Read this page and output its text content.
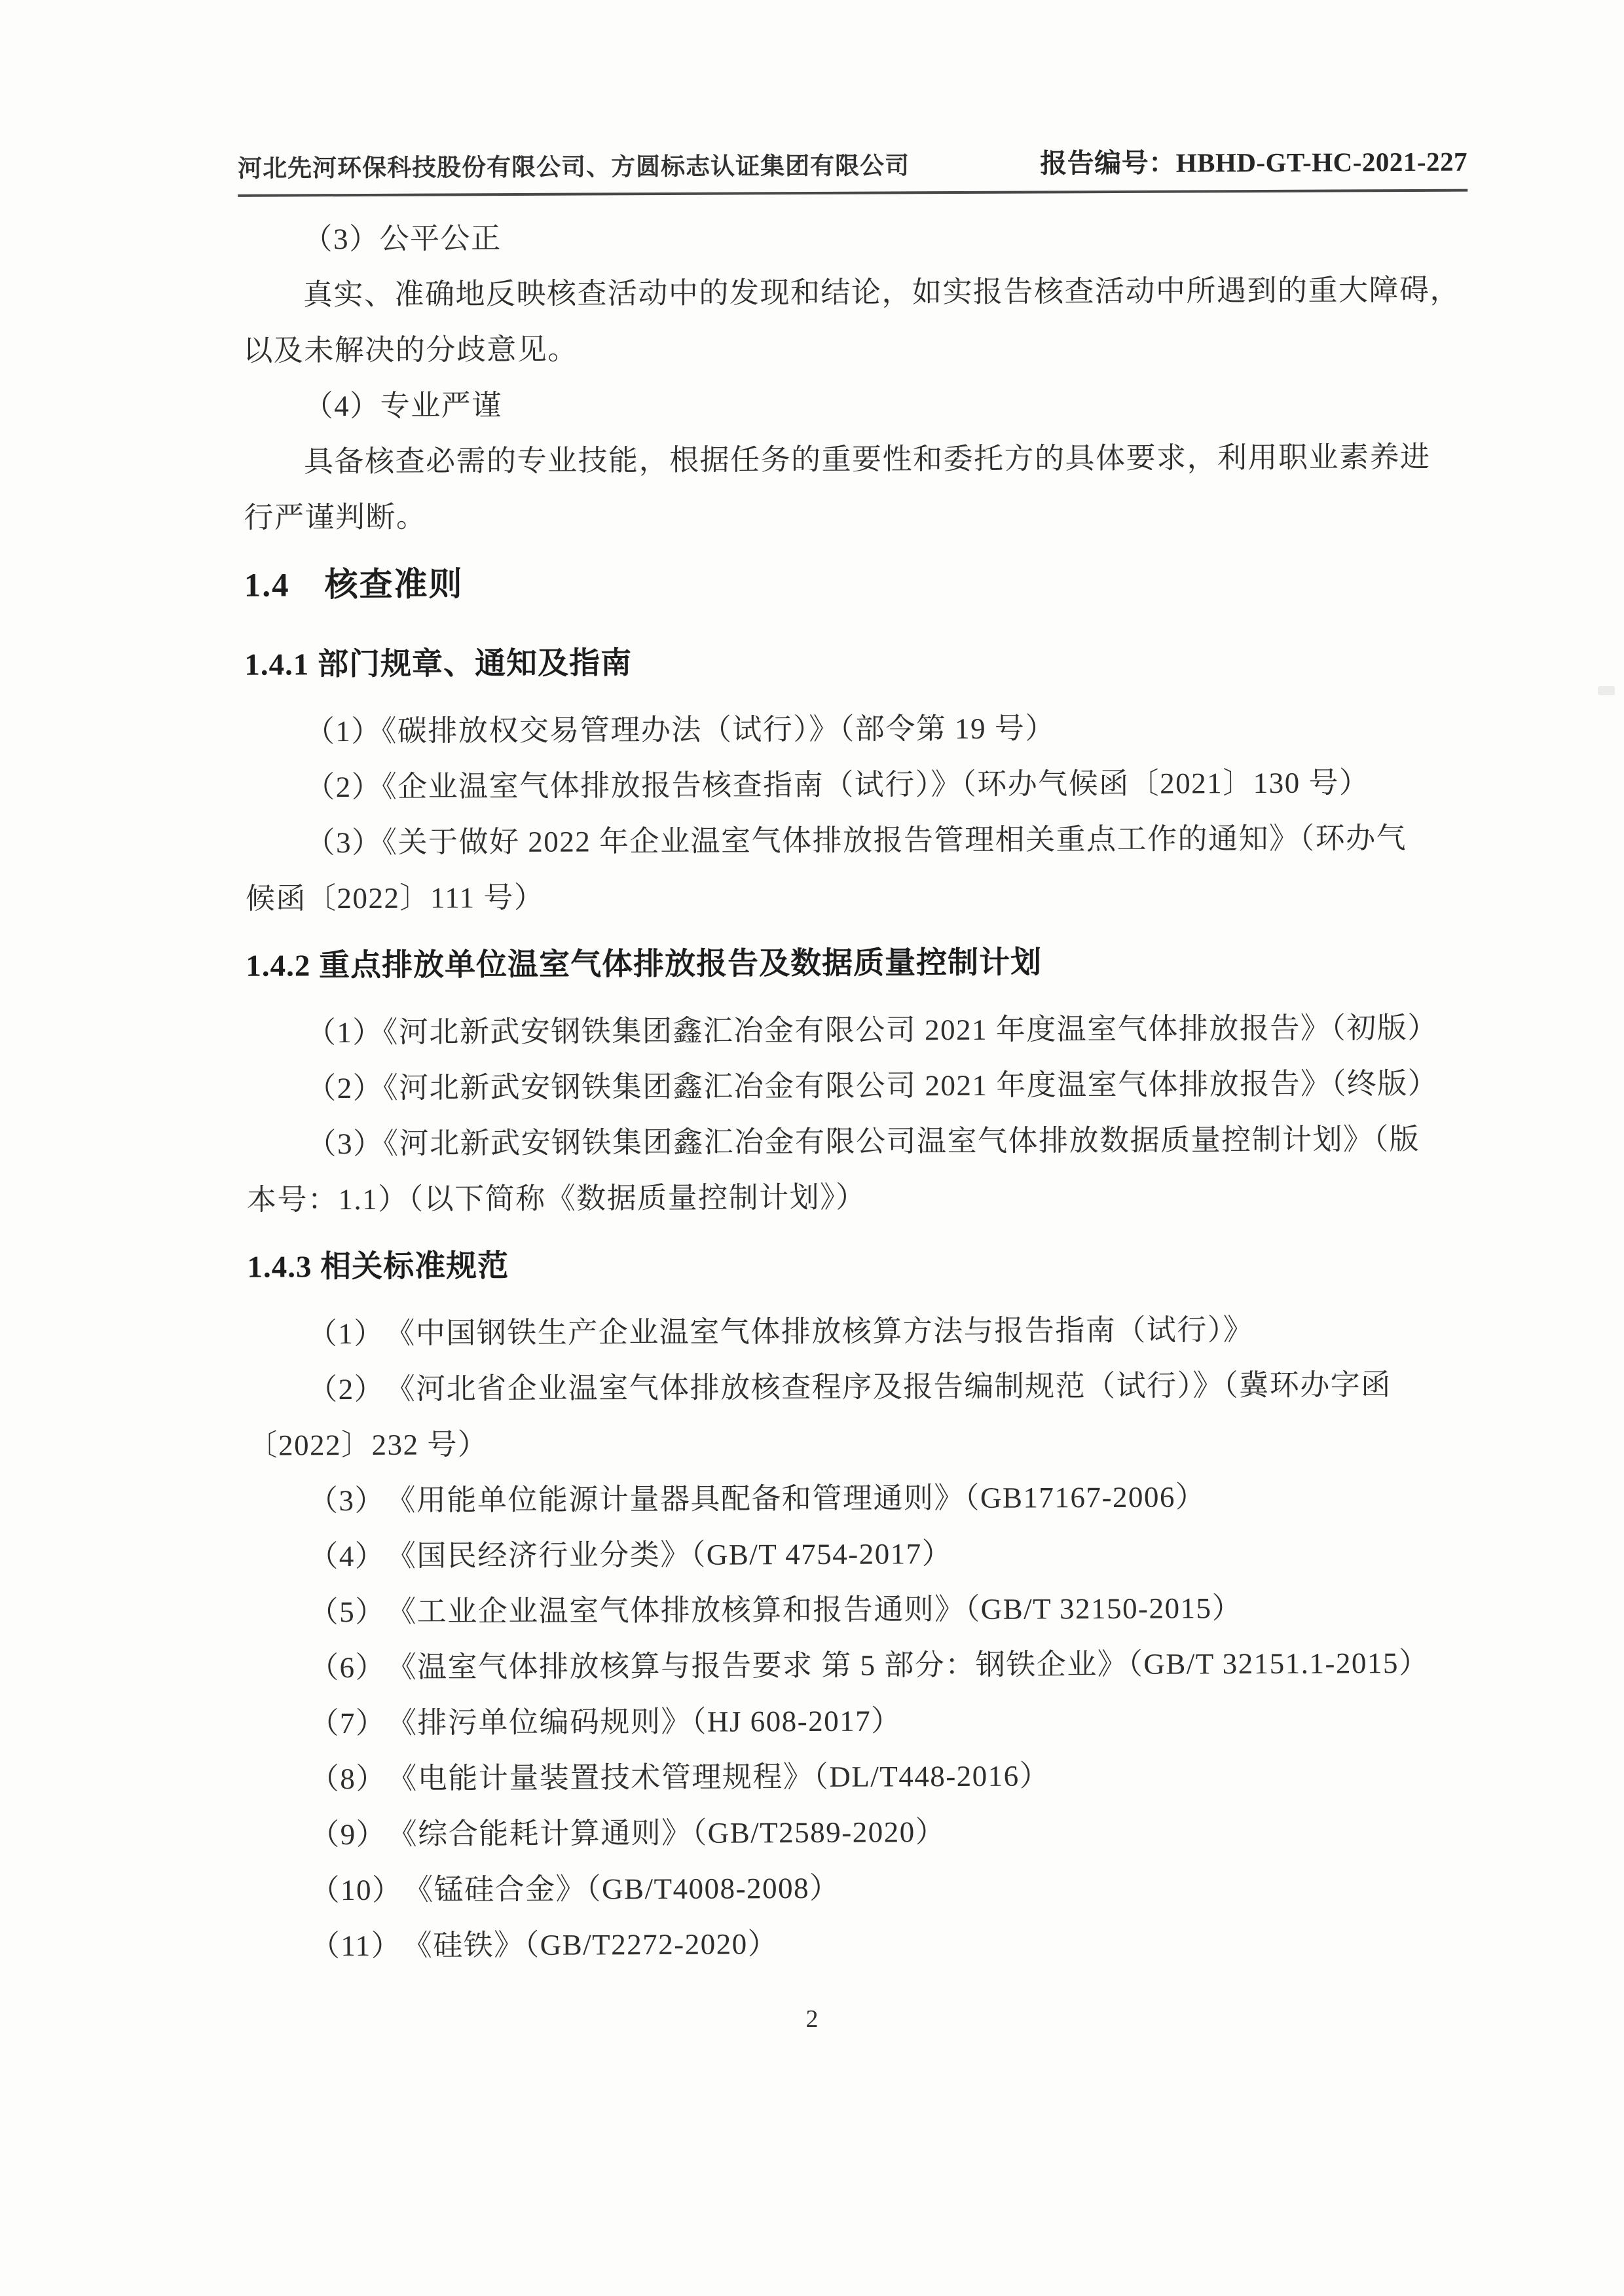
河北先河环保科技股份有限公司、方圆标志认证集团有限公司	报告编号：HBHD-GT-HC-2021-227
（3）公平公正
真实、准确地反映核查活动中的发现和结论，如实报告核查活动中所遇到的重大障碍，
以及未解决的分歧意见。
（4）专业严谨
具备核查必需的专业技能，根据任务的重要性和委托方的具体要求，利用职业素养进
行严谨判断。
1.4　核查准则
1.4.1 部门规章、通知及指南
（1）《碳排放权交易管理办法（试行）》（部令第 19 号）
（2）《企业温室气体排放报告核查指南（试行）》（环办气候函〔2021〕130 号）
（3）《关于做好 2022 年企业温室气体排放报告管理相关重点工作的通知》（环办气
候函〔2022〕111 号）
1.4.2 重点排放单位温室气体排放报告及数据质量控制计划
（1）《河北新武安钢铁集团鑫汇冶金有限公司 2021 年度温室气体排放报告》（初版）
（2）《河北新武安钢铁集团鑫汇冶金有限公司 2021 年度温室气体排放报告》（终版）
（3）《河北新武安钢铁集团鑫汇冶金有限公司温室气体排放数据质量控制计划》（版
本号：1.1）（以下简称《数据质量控制计划》）
1.4.3 相关标准规范
（1）　《中国钢铁生产企业温室气体排放核算方法与报告指南（试行）》
（2）　《河北省企业温室气体排放核查程序及报告编制规范（试行）》（冀环办字函
〔2022〕232 号）
（3）　《用能单位能源计量器具配备和管理通则》（GB17167-2006）
（4）　《国民经济行业分类》（GB/T 4754-2017）
（5）　《工业企业温室气体排放核算和报告通则》（GB/T 32150-2015）
（6）　《温室气体排放核算与报告要求 第 5 部分：钢铁企业》（GB/T 32151.1-2015）
（7）　《排污单位编码规则》（HJ 608-2017）
（8）　《电能计量装置技术管理规程》（DL/T448-2016）
（9）　《综合能耗计算通则》（GB/T2589-2020）
（10）　《锰硅合金》（GB/T4008-2008）
（11）　《硅铁》（GB/T2272-2020）
2
